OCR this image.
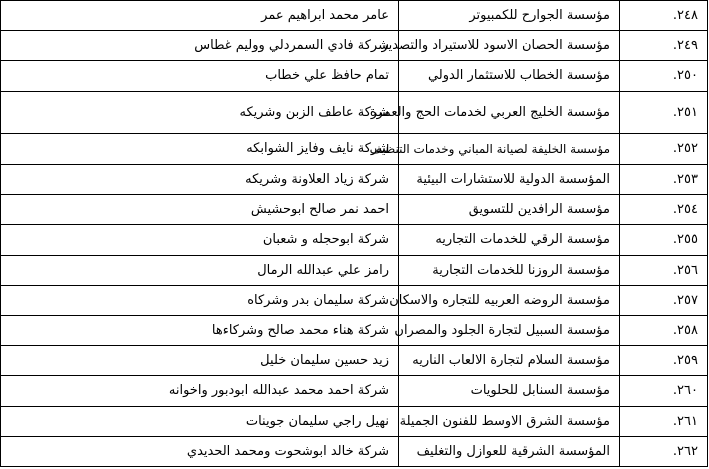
٢٤٨.	مؤسسة الجوارح للكمبيوتر	عامر محمد ابراهيم عمر
٢٤٩.	مؤسسة الحصان الاسود للاستيراد والتصدير	شركة فادي السمردلي ووليم غطاس
٢٥٠.	مؤسسة الخطاب للاستثمار الدولي	تمام حافظ علي خطاب
٢٥١.	مؤسسة الخليج العربي لخدمات الحج والعمرة	شركة عاطف الزبن وشريكه
٢٥٢.	مؤسسة الخليفة لصيانة المباني وخدمات التنظيف	شركة نايف وفايز الشوابكه
٢٥٣.	المؤسسة الدولية للاستشارات البيئية	شركة زياد العلاونة وشريكه
٢٥٤.	مؤسسة الرافدين للتسويق	احمد نمر صالح ابوحشيش
٢٥٥.	مؤسسة الرقي للخدمات التجاريه	شركة ابوحجله و شعبان
٢٥٦.	مؤسسة الروزنا للخدمات التجارية	رامز علي عبدالله الرمال
٢٥٧.	مؤسسة الروضه العربيه للتجاره والاسكان	شركة سليمان بدر وشركاه
٢٥٨.	مؤسسة السبيل لتجارة الجلود والمصران	شركة هناء محمد صالح وشركاءها
٢٥٩.	مؤسسة السلام لتجارة الالعاب الناريه	زيد حسين سليمان خليل
٢٦٠.	مؤسسة السنابل للحلويات	شركة احمد محمد عبدالله ابودبور واخوانه
٢٦١.	مؤسسة الشرق الاوسط للفنون الجميلة	نهيل راجي سليمان جوينات
٢٦٢.	المؤسسة الشرقية للعوازل والتغليف	شركة خالد ابوشحوت ومحمد الحديدي
